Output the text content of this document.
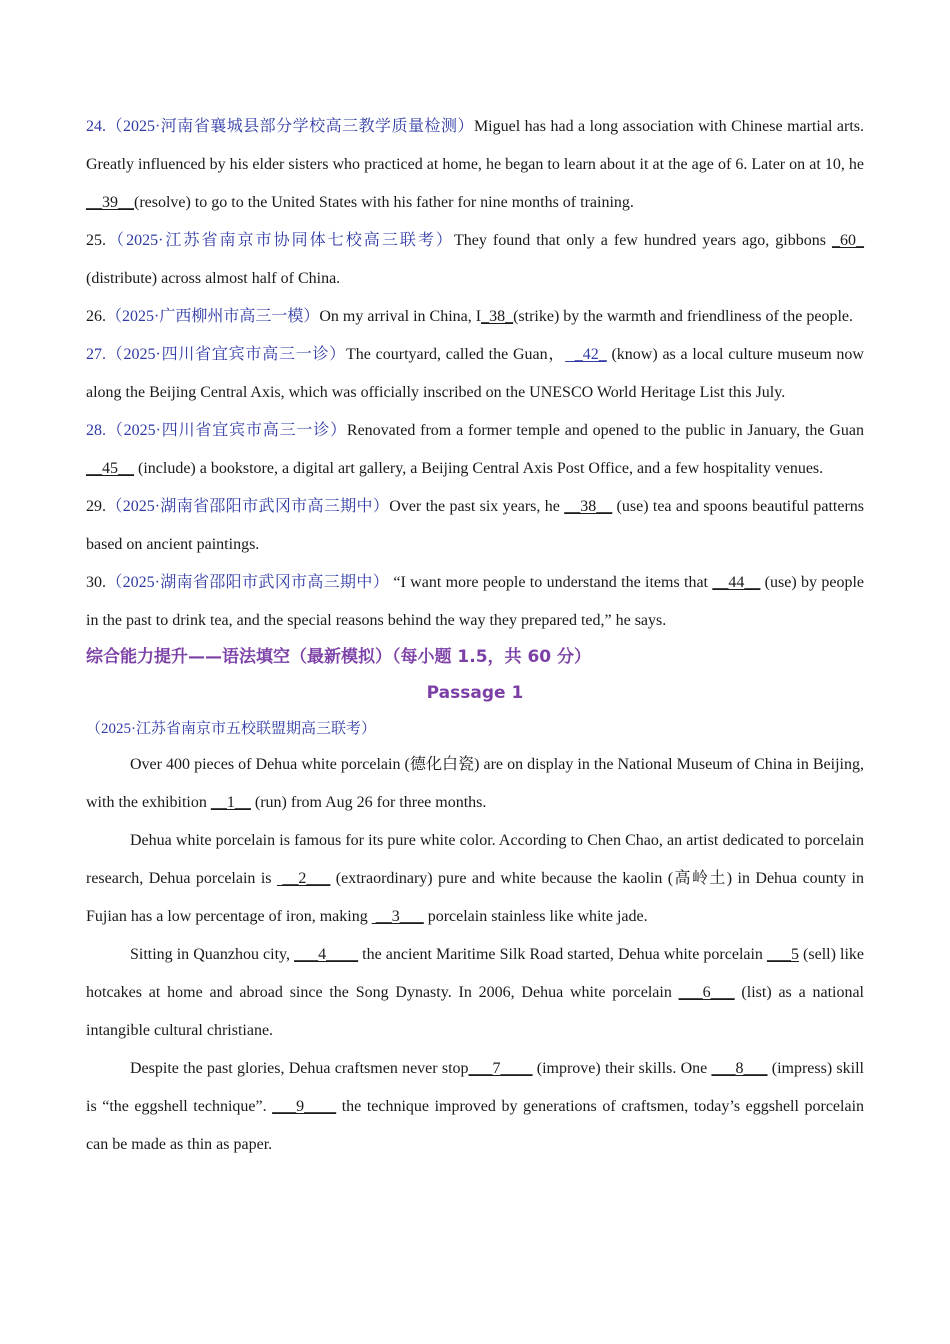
24.（2025·河南省襄城县部分学校高三教学质量检测）Miguel has had a long association with Chinese martial arts. Greatly influenced by his elder sisters who practiced at home, he began to learn about it at the age of 6. Later on at 10, he __39__(resolve) to go to the United States with his father for nine months of training.

25.（2025·江苏省南京市协同体七校高三联考）They found that only a few hundred years ago, gibbons _60_ (distribute) across almost half of China.

26.（2025·广西柳州市高三一模）On my arrival in China, I_38_(strike) by the warmth and friendliness of the people.

27.（2025·四川省宜宾市高三一诊）The courtyard, called the Guan，  _42_ (know) as a local culture museum now along the Beijing Central Axis, which was officially inscribed on the UNESCO World Heritage List this July.

28.（2025·四川省宜宾市高三一诊）Renovated from a former temple and opened to the public in January, the Guan __45__ (include) a bookstore, a digital art gallery, a Beijing Central Axis Post Office, and a few hospitality venues.

29.（2025·湖南省邵阳市武冈市高三期中）Over the past six years, he __38__ (use) tea and spoons beautiful patterns based on ancient paintings.

30.（2025·湖南省邵阳市武冈市高三期中） “I want more people to understand the items that __44__ (use) by people in the past to drink tea, and the special reasons behind the way they prepared ted,” he says.

综合能力提升——语法填空（最新模拟）（每小题 1.5，共 60 分）
Passage 1
（2025·江苏省南京市五校联盟期高三联考）

Over 400 pieces of Dehua white porcelain (德化白瓷) are on display in the National Museum of China in Beijing, with the exhibition __1__ (run) from Aug 26 for three months.

Dehua white porcelain is famous for its pure white color. According to Chen Chao, an artist dedicated to porcelain research, Dehua porcelain is  __2___ (extraordinary) pure and white because the kaolin (高岭土) in Dehua county in Fujian has a low percentage of iron, making  __3___ porcelain stainless like white jade.

Sitting in Quanzhou city, ___4____ the ancient Maritime Silk Road started, Dehua white porcelain ___5 (sell) like hotcakes at home and abroad since the Song Dynasty. In 2006, Dehua white porcelain ___6___ (list) as a national intangible cultural christiane.

Despite the past glories, Dehua craftsmen never stop___7____ (improve) their skills. One ___8___ (impress) skill is “the eggshell technique”. ___9____ the technique improved by generations of craftsmen, today’s eggshell porcelain can be made as thin as paper.
